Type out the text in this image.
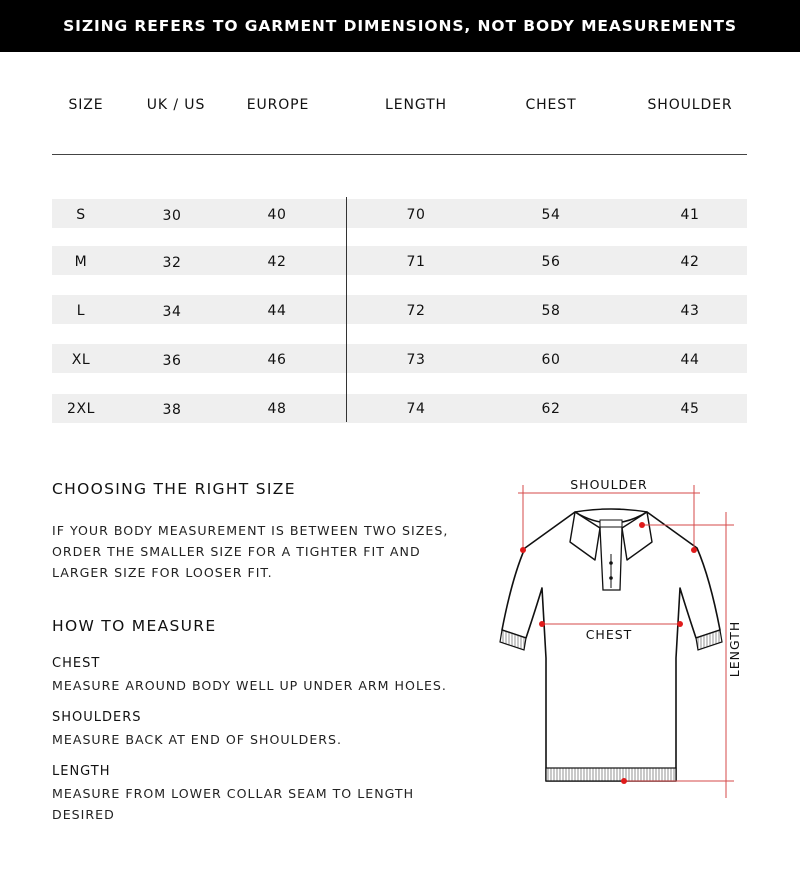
SIZING REFERS TO GARMENT DIMENSIONS, NOT BODY MEASUREMENTS
SIZE	UK / US	EUROPE	LENGTH	CHEST	SHOULDER
S	30	40	70	54	41
M	32	42	71	56	42
L	34	44	72	58	43
XL	36	46	73	60	44
2XL	38	48	74	62	45
CHOOSING THE RIGHT SIZE
IF YOUR BODY MEASUREMENT IS BETWEEN TWO SIZES,
ORDER THE SMALLER SIZE FOR A TIGHTER FIT AND
LARGER SIZE FOR LOOSER FIT.
HOW TO MEASURE
CHEST
MEASURE AROUND BODY WELL UP UNDER ARM HOLES.
SHOULDERS
MEASURE BACK AT END OF SHOULDERS.
LENGTH
MEASURE FROM LOWER COLLAR SEAM TO LENGTH
DESIRED
SHOULDER
CHEST	LENGTH
